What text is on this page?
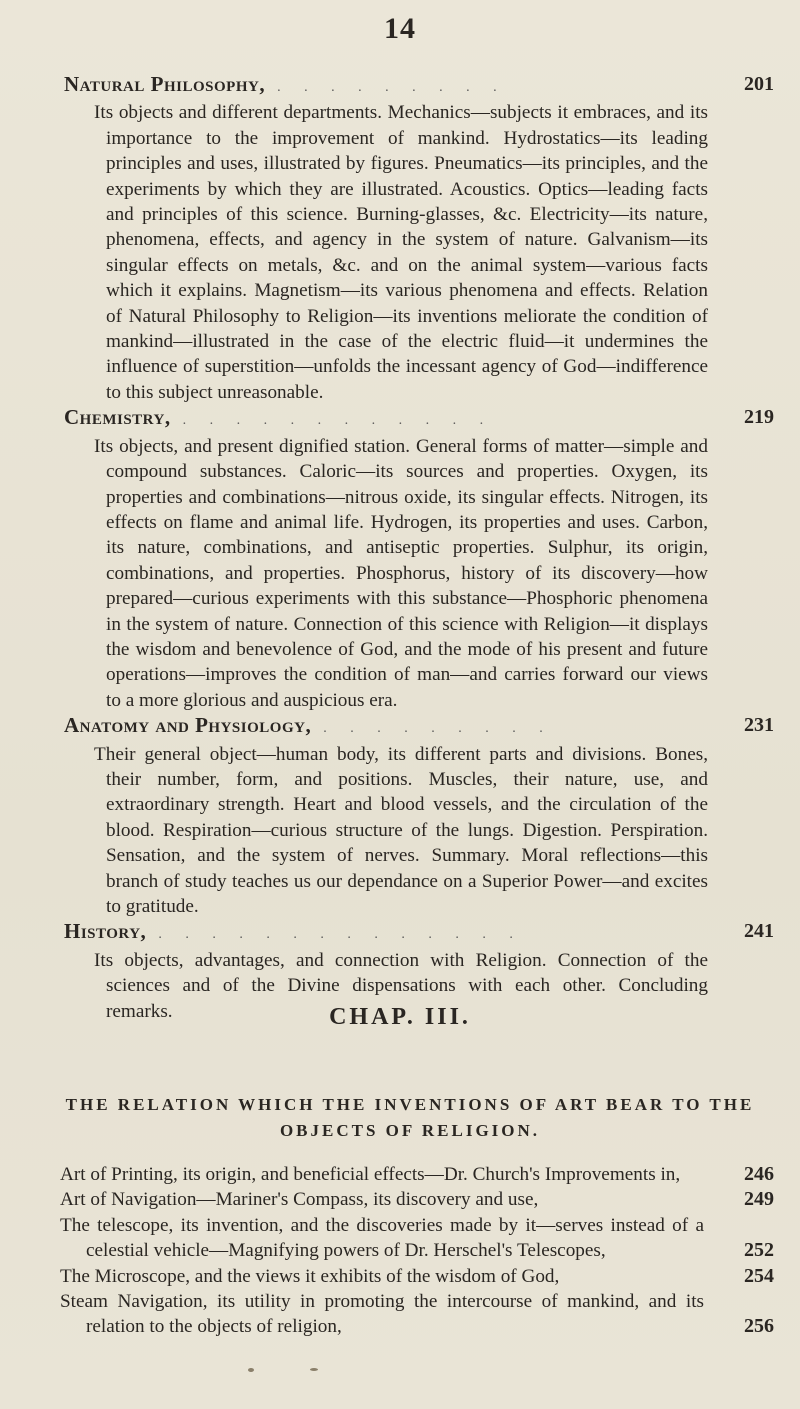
14
Natural Philosophy, . . . . . . . . .	201
Its objects and different departments. Mechanics—subjects it embraces, and its importance to the improvement of mankind. Hydrostatics—its leading principles and uses, illustrated by figures. Pneumatics—its principles, and the experiments by which they are illustrated. Acoustics. Optics—leading facts and principles of this science. Burning-glasses, &c. Electricity—its nature, phenomena, effects, and agency in the system of nature. Galvanism—its singular effects on metals, &c. and on the animal system—various facts which it explains. Magnetism—its various phenomena and effects. Relation of Natural Philosophy to Religion—its inventions meliorate the condition of mankind—illustrated in the case of the electric fluid—it undermines the influence of superstition—unfolds the incessant agency of God—indifference to this subject unreasonable.
Chemistry, . . . . . . . . . . . .	219
Its objects, and present dignified station. General forms of matter—simple and compound substances. Caloric—its sources and properties. Oxygen, its properties and combinations—nitrous oxide, its singular effects. Nitrogen, its effects on flame and animal life. Hydrogen, its properties and uses. Carbon, its nature, combinations, and antiseptic properties. Sulphur, its origin, combinations, and properties. Phosphorus, history of its discovery—how prepared—curious experiments with this substance—Phosphoric phenomena in the system of nature. Connection of this science with Religion—it displays the wisdom and benevolence of God, and the mode of his present and future operations—improves the condition of man—and carries forward our views to a more glorious and auspicious era.
Anatomy and Physiology, . . . . . . . . .	231
Their general object—human body, its different parts and divisions. Bones, their number, form, and positions. Muscles, their nature, use, and extraordinary strength. Heart and blood vessels, and the circulation of the blood. Respiration—curious structure of the lungs. Digestion. Perspiration. Sensation, and the system of nerves. Summary. Moral reflections—this branch of study teaches us our dependance on a Superior Power—and excites to gratitude.
History, . . . . . . . . . . . . . .	241
Its objects, advantages, and connection with Religion. Connection of the sciences and of the Divine dispensations with each other. Concluding remarks.	CHAP. III.
THE RELATION WHICH THE INVENTIONS OF ART BEAR TO THE OBJECTS OF RELIGION.
Art of Printing, its origin, and beneficial effects—Dr. Church's Improvements in,	246
Art of Navigation—Mariner's Compass, its discovery and use,	249
The telescope, its invention, and the discoveries made by it—serves instead of a celestial vehicle—Magnifying powers of Dr. Herschel's Telescopes,	252
The Microscope, and the views it exhibits of the wisdom of God,	254
Steam Navigation, its utility in promoting the intercourse of mankind, and its relation to the objects of religion,	256
